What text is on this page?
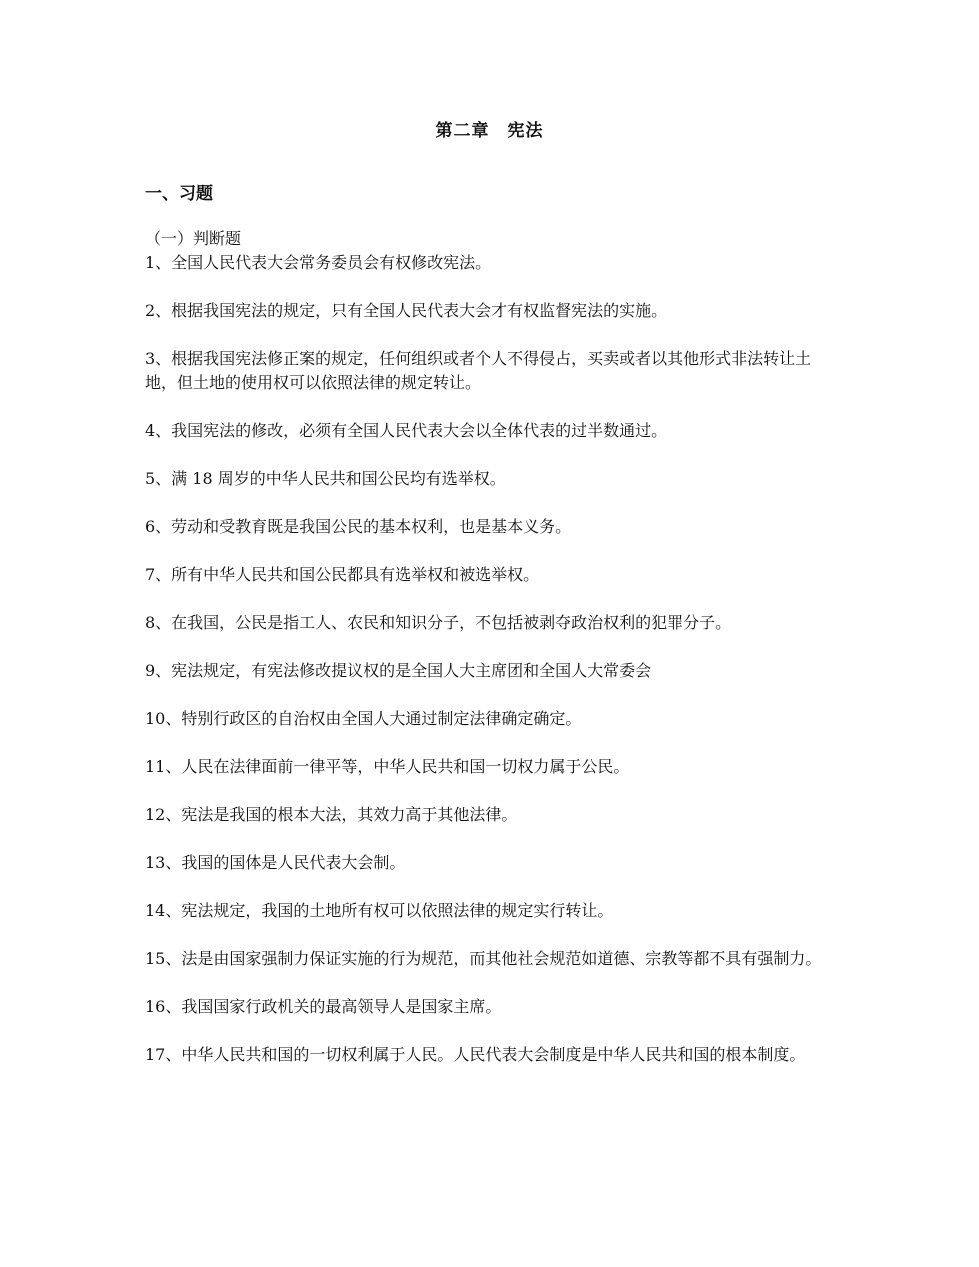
第二章　宪法
一、习题
（一）判断题

1、全国人民代表大会常务委员会有权修改宪法。

2、根据我国宪法的规定，只有全国人民代表大会才有权监督宪法的实施。

3、根据我国宪法修正案的规定，任何组织或者个人不得侵占，买卖或者以其他形式非法转让土地，但土地的使用权可以依照法律的规定转让。

4、我国宪法的修改，必须有全国人民代表大会以全体代表的过半数通过。

5、满 18 周岁的中华人民共和国公民均有选举权。

6、劳动和受教育既是我国公民的基本权利，也是基本义务。

7、所有中华人民共和国公民都具有选举权和被选举权。

8、在我国，公民是指工人、农民和知识分子，不包括被剥夺政治权利的犯罪分子。

9、宪法规定，有宪法修改提议权的是全国人大主席团和全国人大常委会

10、特别行政区的自治权由全国人大通过制定法律确定确定。

11、人民在法律面前一律平等，中华人民共和国一切权力属于公民。

12、宪法是我国的根本大法，其效力高于其他法律。

13、我国的国体是人民代表大会制。

14、宪法规定，我国的土地所有权可以依照法律的规定实行转让。

15、法是由国家强制力保证实施的行为规范，而其他社会规范如道德、宗教等都不具有强制力。

16、我国国家行政机关的最高领导人是国家主席。

17、中华人民共和国的一切权利属于人民。人民代表大会制度是中华人民共和国的根本制度。
